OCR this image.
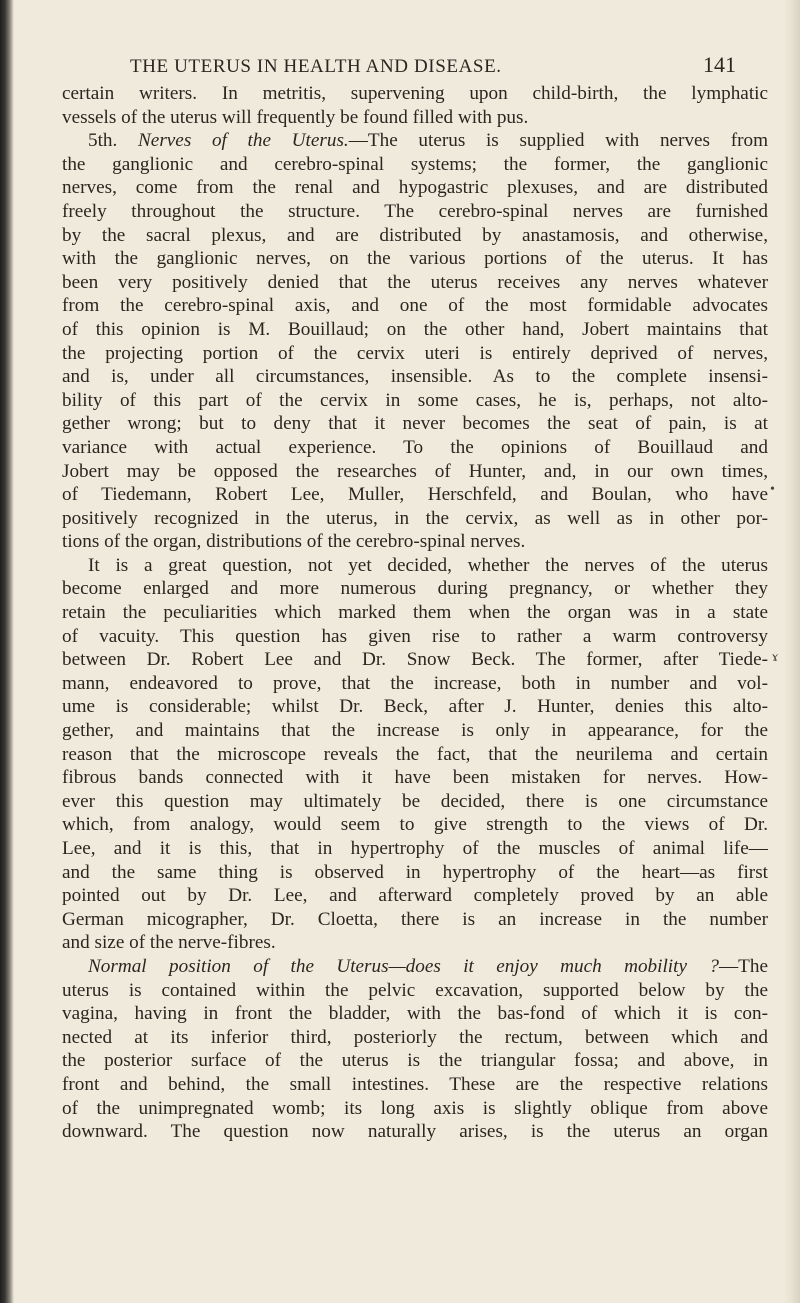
THE UTERUS IN HEALTH AND DISEASE.	141
certain writers. In metritis, supervening upon child-birth, the lymphatic
vessels of the uterus will frequently be found filled with pus.
5th. Nerves of the Uterus.—The uterus is supplied with nerves from
the ganglionic and cerebro-spinal systems; the former, the ganglionic
nerves, come from the renal and hypogastric plexuses, and are distributed
freely throughout the structure. The cerebro-spinal nerves are furnished
by the sacral plexus, and are distributed by anastamosis, and otherwise,
with the ganglionic nerves, on the various portions of the uterus. It has
been very positively denied that the uterus receives any nerves whatever
from the cerebro-spinal axis, and one of the most formidable advocates
of this opinion is M. Bouillaud; on the other hand, Jobert maintains that
the projecting portion of the cervix uteri is entirely deprived of nerves,
and is, under all circumstances, insensible. As to the complete insensi-
bility of this part of the cervix in some cases, he is, perhaps, not alto-
gether wrong; but to deny that it never becomes the seat of pain, is at
variance with actual experience. To the opinions of Bouillaud and
Jobert may be opposed the researches of Hunter, and, in our own times,
of Tiedemann, Robert Lee, Muller, Herschfeld, and Boulan, who have
positively recognized in the uterus, in the cervix, as well as in other por-
tions of the organ, distributions of the cerebro-spinal nerves.
It is a great question, not yet decided, whether the nerves of the uterus
become enlarged and more numerous during pregnancy, or whether they
retain the peculiarities which marked them when the organ was in a state
of vacuity. This question has given rise to rather a warm controversy
between Dr. Robert Lee and Dr. Snow Beck. The former, after Tiede-
mann, endeavored to prove, that the increase, both in number and vol-
ume is considerable; whilst Dr. Beck, after J. Hunter, denies this alto-
gether, and maintains that the increase is only in appearance, for the
reason that the microscope reveals the fact, that the neurilema and certain
fibrous bands connected with it have been mistaken for nerves. How-
ever this question may ultimately be decided, there is one circumstance
which, from analogy, would seem to give strength to the views of Dr.
Lee, and it is this, that in hypertrophy of the muscles of animal life—
and the same thing is observed in hypertrophy of the heart—as first
pointed out by Dr. Lee, and afterward completely proved by an able
German micographer, Dr. Cloetta, there is an increase in the number
and size of the nerve-fibres.
Normal position of the Uterus—does it enjoy much mobility ?—The
uterus is contained within the pelvic excavation, supported below by the
vagina, having in front the bladder, with the bas-fond of which it is con-
nected at its inferior third, posteriorly the rectum, between which and
the posterior surface of the uterus is the triangular fossa; and above, in
front and behind, the small intestines. These are the respective relations
of the unimpregnated womb; its long axis is slightly oblique from above
downward. The question now naturally arises, is the uterus an organ
•
ɤ
